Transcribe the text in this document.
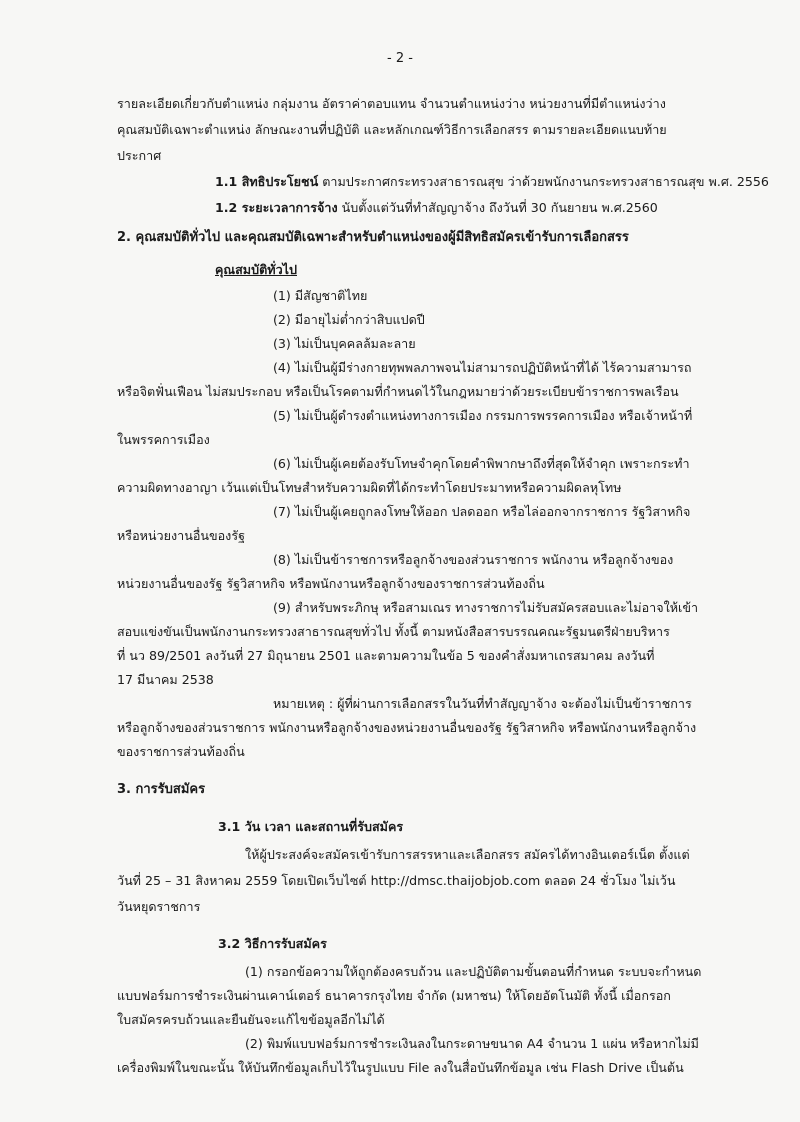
- 2 -
รายละเอียดเกี่ยวกับตำแหน่ง กลุ่มงาน อัตราค่าตอบแทน จำนวนตำแหน่งว่าง หน่วยงานที่มีตำแหน่งว่าง
คุณสมบัติเฉพาะตำแหน่ง ลักษณะงานที่ปฏิบัติ และหลักเกณฑ์วิธีการเลือกสรร ตามรายละเอียดแนบท้าย
ประกาศ
1.1 สิทธิประโยชน์ ตามประกาศกระทรวงสาธารณสุข ว่าด้วยพนักงานกระทรวงสาธารณสุข พ.ศ. 2556
1.2 ระยะเวลาการจ้าง นับตั้งแต่วันที่ทำสัญญาจ้าง ถึงวันที่ 30 กันยายน พ.ศ.2560
2. คุณสมบัติทั่วไป และคุณสมบัติเฉพาะสำหรับตำแหน่งของผู้มีสิทธิสมัครเข้ารับการเลือกสรร
คุณสมบัติทั่วไป
(1) มีสัญชาติไทย
(2) มีอายุไม่ต่ำกว่าสิบแปดปี
(3) ไม่เป็นบุคคลล้มละลาย
(4) ไม่เป็นผู้มีร่างกายทุพพลภาพจนไม่สามารถปฏิบัติหน้าที่ได้ ไร้ความสามารถ
หรือจิตฟั่นเฟือน ไม่สมประกอบ หรือเป็นโรคตามที่กำหนดไว้ในกฎหมายว่าด้วยระเบียบข้าราชการพลเรือน
(5) ไม่เป็นผู้ดำรงตำแหน่งทางการเมือง กรรมการพรรคการเมือง หรือเจ้าหน้าที่
ในพรรคการเมือง
(6) ไม่เป็นผู้เคยต้องรับโทษจำคุกโดยคำพิพากษาถึงที่สุดให้จำคุก เพราะกระทำ
ความผิดทางอาญา เว้นแต่เป็นโทษสำหรับความผิดที่ได้กระทำโดยประมาทหรือความผิดลหุโทษ
(7) ไม่เป็นผู้เคยถูกลงโทษให้ออก ปลดออก หรือไล่ออกจากราชการ รัฐวิสาหกิจ
หรือหน่วยงานอื่นของรัฐ
(8) ไม่เป็นข้าราชการหรือลูกจ้างของส่วนราชการ พนักงาน หรือลูกจ้างของ
หน่วยงานอื่นของรัฐ รัฐวิสาหกิจ หรือพนักงานหรือลูกจ้างของราชการส่วนท้องถิ่น
(9) สำหรับพระภิกษุ หรือสามเณร ทางราชการไม่รับสมัครสอบและไม่อาจให้เข้า
สอบแข่งขันเป็นพนักงานกระทรวงสาธารณสุขทั่วไป ทั้งนี้ ตามหนังสือสารบรรณคณะรัฐมนตรีฝ่ายบริหาร
ที่ นว 89/2501 ลงวันที่ 27 มิถุนายน 2501 และตามความในข้อ 5 ของคำสั่งมหาเถรสมาคม ลงวันที่
17 มีนาคม 2538
หมายเหตุ : ผู้ที่ผ่านการเลือกสรรในวันที่ทำสัญญาจ้าง จะต้องไม่เป็นข้าราชการ
หรือลูกจ้างของส่วนราชการ พนักงานหรือลูกจ้างของหน่วยงานอื่นของรัฐ รัฐวิสาหกิจ หรือพนักงานหรือลูกจ้าง
ของราชการส่วนท้องถิ่น
3. การรับสมัคร
3.1 วัน เวลา และสถานที่รับสมัคร
ให้ผู้ประสงค์จะสมัครเข้ารับการสรรหาและเลือกสรร สมัครได้ทางอินเตอร์เน็ต ตั้งแต่
วันที่ 25 – 31 สิงหาคม 2559 โดยเปิดเว็บไซต์ http://dmsc.thaijobjob.com ตลอด 24 ชั่วโมง ไม่เว้น
วันหยุดราชการ
3.2 วิธีการรับสมัคร
(1) กรอกข้อความให้ถูกต้องครบถ้วน และปฏิบัติตามขั้นตอนที่กำหนด ระบบจะกำหนด
แบบฟอร์มการชำระเงินผ่านเคาน์เตอร์ ธนาคารกรุงไทย จำกัด (มหาชน) ให้โดยอัตโนมัติ ทั้งนี้ เมื่อกรอก
ใบสมัครครบถ้วนและยืนยันจะแก้ไขข้อมูลอีกไม่ได้
(2) พิมพ์แบบฟอร์มการชำระเงินลงในกระดาษขนาด A4 จำนวน 1 แผ่น หรือหากไม่มี
เครื่องพิมพ์ในขณะนั้น ให้บันทึกข้อมูลเก็บไว้ในรูปแบบ File ลงในสื่อบันทึกข้อมูล เช่น Flash Drive เป็นต้น
